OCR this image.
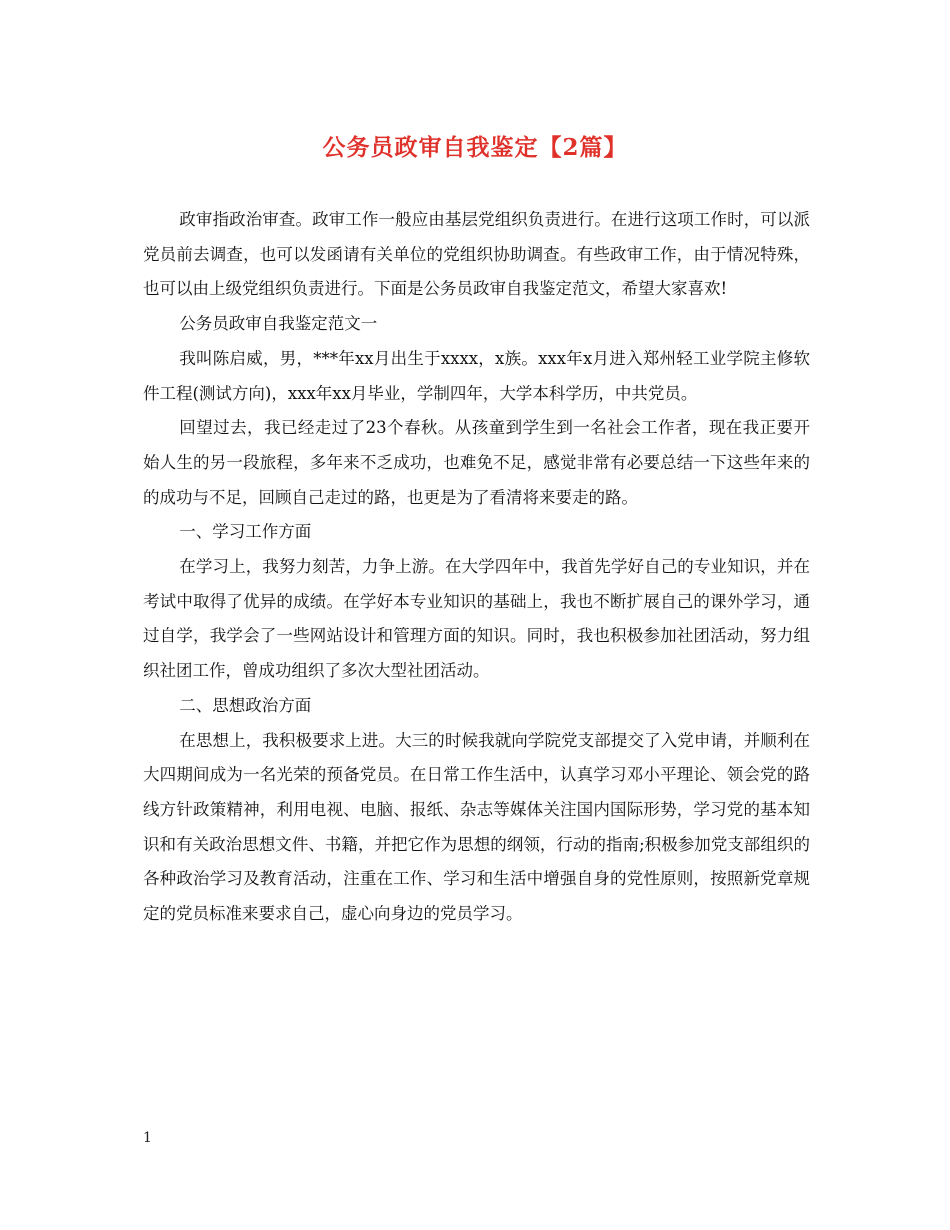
公务员政审自我鉴定【2篇】

政审指政治审查。政审工作一般应由基层党组织负责进行。在进行这项工作时，可以派党员前去调查，也可以发函请有关单位的党组织协助调查。有些政审工作，由于情况特殊，也可以由上级党组织负责进行。下面是公务员政审自我鉴定范文，希望大家喜欢!

公务员政审自我鉴定范文一

我叫陈启威，男，***年xx月出生于xxxx，x族。xxx年x月进入郑州轻工业学院主修软件工程(测试方向)，xxx年xx月毕业，学制四年，大学本科学历，中共党员。

回望过去，我已经走过了23个春秋。从孩童到学生到一名社会工作者，现在我正要开始人生的另一段旅程，多年来不乏成功，也难免不足，感觉非常有必要总结一下这些年来的的成功与不足，回顾自己走过的路，也更是为了看清将来要走的路。

一、学习工作方面

在学习上，我努力刻苦，力争上游。在大学四年中，我首先学好自己的专业知识，并在考试中取得了优异的成绩。在学好本专业知识的基础上，我也不断扩展自己的课外学习，通过自学，我学会了一些网站设计和管理方面的知识。同时，我也积极参加社团活动，努力组织社团工作，曾成功组织了多次大型社团活动。

二、思想政治方面

在思想上，我积极要求上进。大三的时候我就向学院党支部提交了入党申请，并顺利在大四期间成为一名光荣的预备党员。在日常工作生活中，认真学习邓小平理论、领会党的路线方针政策精神，利用电视、电脑、报纸、杂志等媒体关注国内国际形势，学习党的基本知识和有关政治思想文件、书籍，并把它作为思想的纲领，行动的指南;积极参加党支部组织的各种政治学习及教育活动，注重在工作、学习和生活中增强自身的党性原则，按照新党章规定的党员标准来要求自己，虚心向身边的党员学习。

1
